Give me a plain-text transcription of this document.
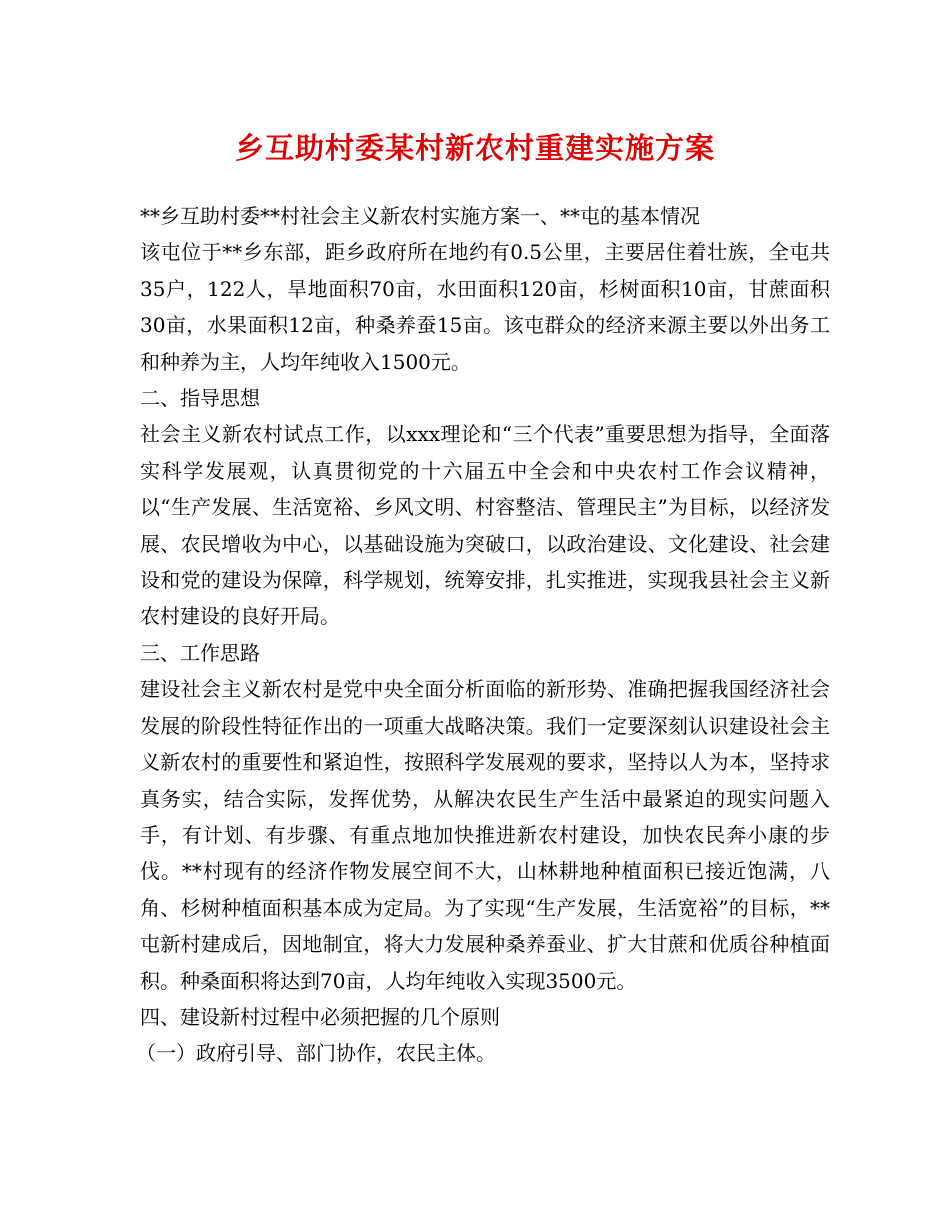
乡互助村委某村新农村重建实施方案

**乡互助村委**村社会主义新农村实施方案一、**屯的基本情况

该屯位于**乡东部，距乡政府所在地约有0.5公里，主要居住着壮族，全屯共35户，122人，旱地面积70亩，水田面积120亩，杉树面积10亩，甘蔗面积30亩，水果面积12亩，种桑养蚕15亩。该屯群众的经济来源主要以外出务工和种养为主，人均年纯收入1500元。

二、指导思想

社会主义新农村试点工作，以xxx理论和“三个代表”重要思想为指导，全面落实科学发展观，认真贯彻党的十六届五中全会和中央农村工作会议精神，以“生产发展、生活宽裕、乡风文明、村容整洁、管理民主”为目标，以经济发展、农民增收为中心，以基础设施为突破口，以政治建设、文化建设、社会建设和党的建设为保障，科学规划，统筹安排，扎实推进，实现我县社会主义新农村建设的良好开局。

三、工作思路

建设社会主义新农村是党中央全面分析面临的新形势、准确把握我国经济社会发展的阶段性特征作出的一项重大战略决策。我们一定要深刻认识建设社会主义新农村的重要性和紧迫性，按照科学发展观的要求，坚持以人为本，坚持求真务实，结合实际，发挥优势，从解决农民生产生活中最紧迫的现实问题入手，有计划、有步骤、有重点地加快推进新农村建设，加快农民奔小康的步伐。**村现有的经济作物发展空间不大，山林耕地种植面积已接近饱满，八角、杉树种植面积基本成为定局。为了实现“生产发展，生活宽裕”的目标，**屯新村建成后，因地制宜，将大力发展种桑养蚕业、扩大甘蔗和优质谷种植面积。种桑面积将达到70亩，人均年纯收入实现3500元。

四、建设新村过程中必须把握的几个原则

（一）政府引导、部门协作，农民主体。
